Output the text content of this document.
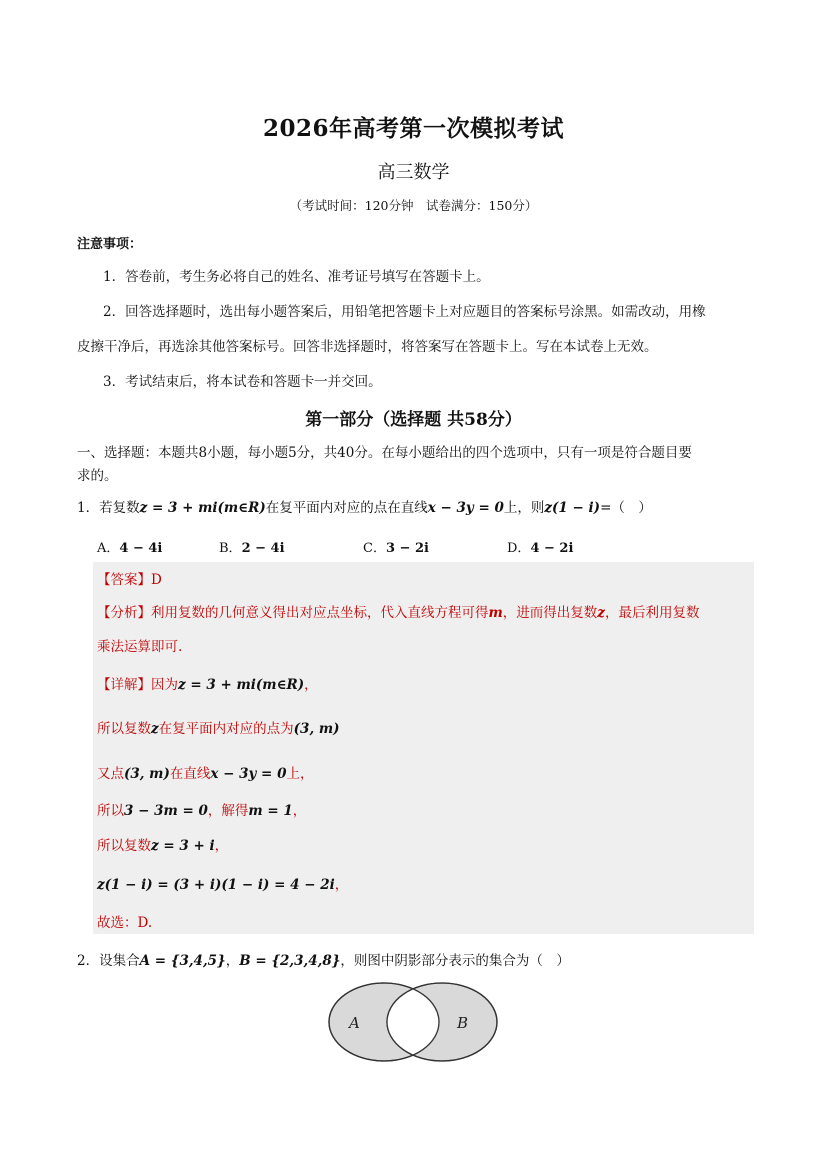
2026年高考第一次模拟考试
高三数学
（考试时间：120分钟　试卷满分：150分）
注意事项：
1．答卷前，考生务必将自己的姓名、准考证号填写在答题卡上。
2．回答选择题时，选出每小题答案后，用铅笔把答题卡上对应题目的答案标号涂黑。如需改动，用橡
皮擦干净后，再选涂其他答案标号。回答非选择题时，将答案写在答题卡上。写在本试卷上无效。
3．考试结束后，将本试卷和答题卡一并交回。
第一部分（选择题 共58分）
一、选择题：本题共8小题，每小题5分，共40分。在每小题给出的四个选项中，只有一项是符合题目要
求的。
1．若复数z = 3 + mi(m∈R)在复平面内对应的点在直线x − 3y = 0上，则z(1 − i)=（　）
A．4 − 4i	B．2 − 4i	C．3 − 2i	D．4 − 2i
【答案】D
【分析】利用复数的几何意义得出对应点坐标，代入直线方程可得m，进而得出复数z，最后利用复数
乘法运算即可.
【详解】因为z = 3 + mi(m∈R)，
所以复数z在复平面内对应的点为(3, m)
又点(3, m)在直线x − 3y = 0上，
所以3 − 3m = 0，解得m = 1，
所以复数z = 3 + i，
z(1 − i) = (3 + i)(1 − i) = 4 − 2i，
故选：D.
2．设集合A = {3,4,5}，B = {2,3,4,8}，则图中阴影部分表示的集合为（　）
A	B
